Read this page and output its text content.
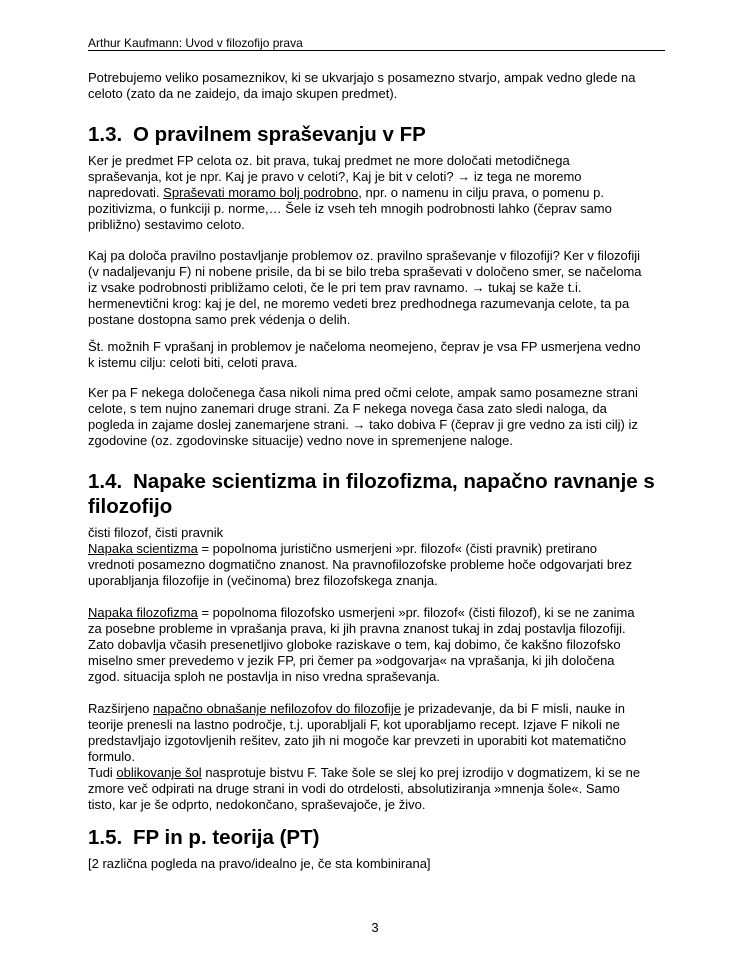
Arthur Kaufmann: Uvod v filozofijo prava
Potrebujemo veliko posameznikov, ki se ukvarjajo s posamezno stvarjo, ampak vedno glede na
celoto (zato da ne zaidejo, da imajo skupen predmet).
1.3. O pravilnem spraševanju v FP
Ker je predmet FP celota oz. bit prava, tukaj predmet ne more določati metodičnega
spraševanja, kot je npr. Kaj je pravo v celoti?, Kaj je bit v celoti? → iz tega ne moremo
napredovati. Spraševati moramo bolj podrobno, npr. o namenu in cilju prava, o pomenu p.
pozitivizma, o funkciji p. norme,… Šele iz vseh teh mnogih podrobnosti lahko (čeprav samo
približno) sestavimo celoto.
Kaj pa določa pravilno postavljanje problemov oz. pravilno spraševanje v filozofiji? Ker v filozofiji
(v nadaljevanju F) ni nobene prisile, da bi se bilo treba spraševati v določeno smer, se načeloma
iz vsake podrobnosti približamo celoti, če le pri tem prav ravnamo. → tukaj se kaže t.i.
hermenevtični krog: kaj je del, ne moremo vedeti brez predhodnega razumevanja celote, ta pa
postane dostopna samo prek védenja o delih.
Št. možnih F vprašanj in problemov je načeloma neomejeno, čeprav je vsa FP usmerjena vedno
k istemu cilju: celoti biti, celoti prava.
Ker pa F nekega določenega časa nikoli nima pred očmi celote, ampak samo posamezne strani
celote, s tem nujno zanemari druge strani. Za F nekega novega časa zato sledi naloga, da
pogleda in zajame doslej zanemarjene strani. → tako dobiva F (čeprav ji gre vedno za isti cilj) iz
zgodovine (oz. zgodovinske situacije) vedno nove in spremenjene naloge.
1.4. Napake scientizma in filozofizma, napačno ravnanje s
filozofijo
čisti filozof, čisti pravnik
Napaka scientizma = popolnoma juristično usmerjeni »pr. filozof« (čisti pravnik) pretirano
vrednoti posamezno dogmatično znanost. Na pravnofilozofske probleme hoče odgovarjati brez
uporabljanja filozofije in (večinoma) brez filozofskega znanja.
Napaka filozofizma = popolnoma filozofsko usmerjeni »pr. filozof« (čisti filozof), ki se ne zanima
za posebne probleme in vprašanja prava, ki jih pravna znanost tukaj in zdaj postavlja filozofiji.
Zato dobavlja včasih presenetljivo globoke raziskave o tem, kaj dobimo, če kakšno filozofsko
miselno smer prevedemo v jezik FP, pri čemer pa »odgovarja« na vprašanja, ki jih določena
zgod. situacija sploh ne postavlja in niso vredna spraševanja.
Razširjeno napačno obnašanje nefilozofov do filozofije je prizadevanje, da bi F misli, nauke in
teorije prenesli na lastno področje, t.j. uporabljali F, kot uporabljamo recept. Izjave F nikoli ne
predstavljajo izgotovljenih rešitev, zato jih ni mogoče kar prevzeti in uporabiti kot matematično
formulo.
Tudi oblikovanje šol nasprotuje bistvu F. Take šole se slej ko prej izrodijo v dogmatizem, ki se ne
zmore več odpirati na druge strani in vodi do otrdelosti, absolutiziranja »mnenja šole«. Samo
tisto, kar je še odprto, nedokončano, spraševajoče, je živo.
1.5. FP in p. teorija (PT)
[2 različna pogleda na pravo/idealno je, če sta kombinirana]
3
